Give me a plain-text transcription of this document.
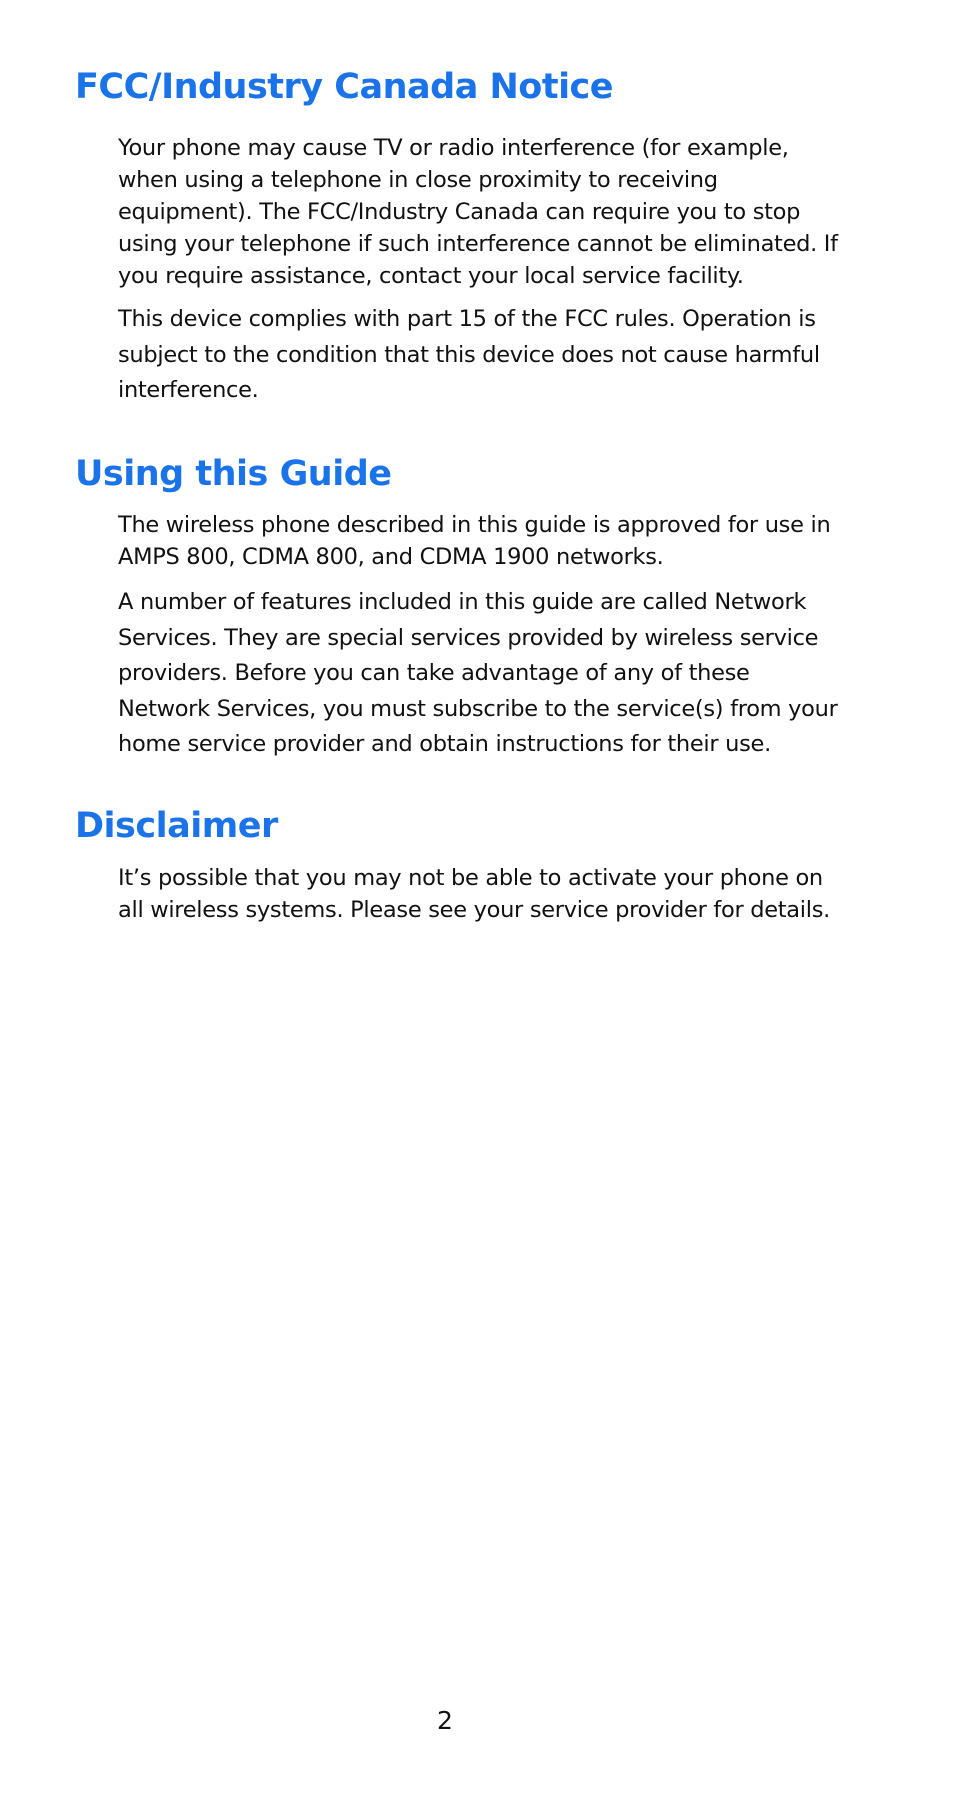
FCC/Industry Canada Notice

Your phone may cause TV or radio interference (for example, when using a telephone in close proximity to receiving equipment). The FCC/Industry Canada can require you to stop using your telephone if such interference cannot be eliminated. If you require assistance, contact your local service facility.

This device complies with part 15 of the FCC rules. Operation is subject to the condition that this device does not cause harmful interference.

Using this Guide

The wireless phone described in this guide is approved for use in AMPS 800, CDMA 800, and CDMA 1900 networks.

A number of features included in this guide are called Network Services. They are special services provided by wireless service providers. Before you can take advantage of any of these Network Services, you must subscribe to the service(s) from your home service provider and obtain instructions for their use.

Disclaimer

It’s possible that you may not be able to activate your phone on all wireless systems. Please see your service provider for details.

2
